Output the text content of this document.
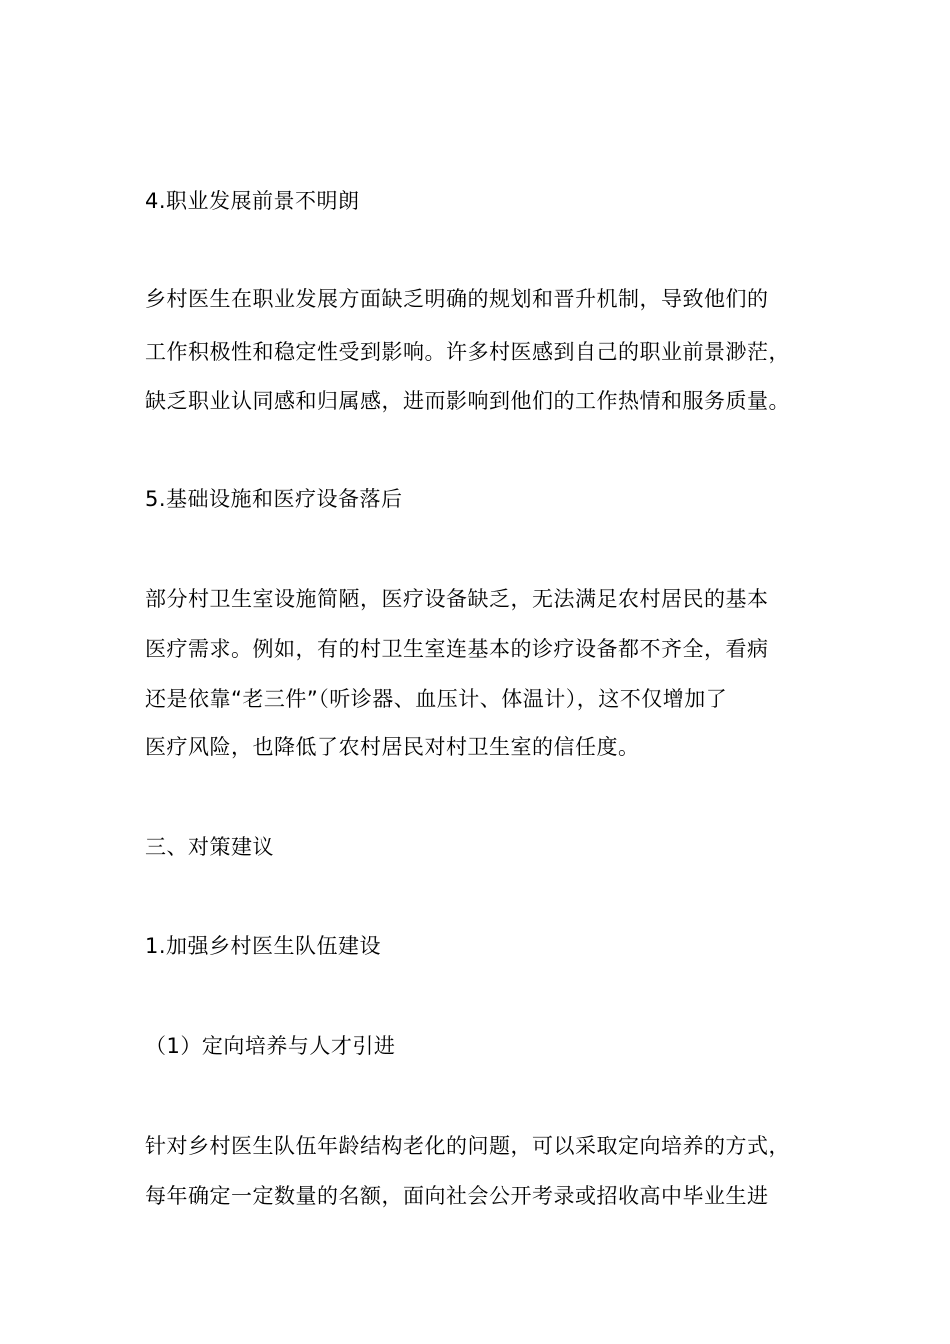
4.职业发展前景不明朗
乡村医生在职业发展方面缺乏明确的规划和晋升机制，导致他们的
工作积极性和稳定性受到影响。许多村医感到自己的职业前景渺茫，
缺乏职业认同感和归属感，进而影响到他们的工作热情和服务质量。
5.基础设施和医疗设备落后
部分村卫生室设施简陋，医疗设备缺乏，无法满足农村居民的基本
医疗需求。例如，有的村卫生室连基本的诊疗设备都不齐全，看病
还是依靠“老三件”（听诊器、血压计、体温计），这不仅增加了
医疗风险，也降低了农村居民对村卫生室的信任度。
三、对策建议
1.加强乡村医生队伍建设
（1）定向培养与人才引进
针对乡村医生队伍年龄结构老化的问题，可以采取定向培养的方式，
每年确定一定数量的名额，面向社会公开考录或招收高中毕业生进
